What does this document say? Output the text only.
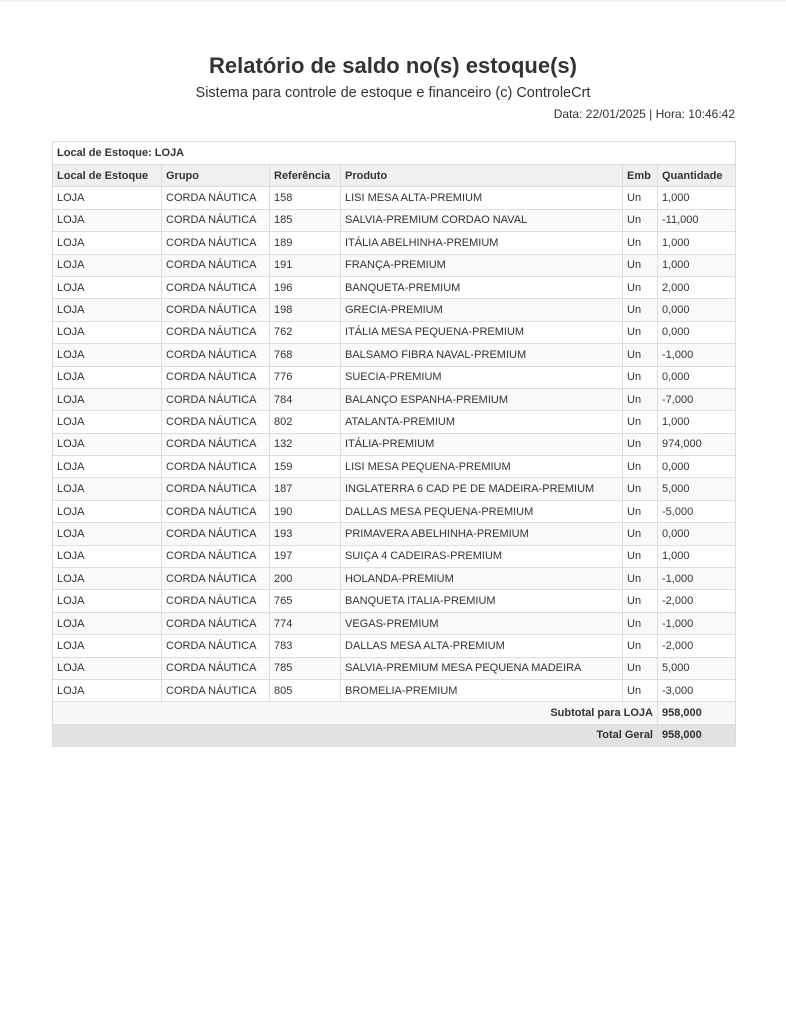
Relatório de saldo no(s) estoque(s)
Sistema para controle de estoque e financeiro (c) ControleCrt
Data: 22/01/2025 | Hora: 10:46:42
Local de Estoque: LOJA					
Local de Estoque	Grupo	Referência	Produto	Emb	Quantidade
LOJA	CORDA NÁUTICA	158	LISI MESA ALTA-PREMIUM	Un	1,000
LOJA	CORDA NÁUTICA	185	SALVIA-PREMIUM CORDAO NAVAL	Un	-11,000
LOJA	CORDA NÁUTICA	189	ITÁLIA ABELHINHA-PREMIUM	Un	1,000
LOJA	CORDA NÁUTICA	191	FRANÇA-PREMIUM	Un	1,000
LOJA	CORDA NÁUTICA	196	BANQUETA-PREMIUM	Un	2,000
LOJA	CORDA NÁUTICA	198	GRECIA-PREMIUM	Un	0,000
LOJA	CORDA NÁUTICA	762	ITÁLIA MESA PEQUENA-PREMIUM	Un	0,000
LOJA	CORDA NÁUTICA	768	BALSAMO FIBRA NAVAL-PREMIUM	Un	-1,000
LOJA	CORDA NÁUTICA	776	SUECIA-PREMIUM	Un	0,000
LOJA	CORDA NÁUTICA	784	BALANÇO ESPANHA-PREMIUM	Un	-7,000
LOJA	CORDA NÁUTICA	802	ATALANTA-PREMIUM	Un	1,000
LOJA	CORDA NÁUTICA	132	ITÁLIA-PREMIUM	Un	974,000
LOJA	CORDA NÁUTICA	159	LISI MESA PEQUENA-PREMIUM	Un	0,000
LOJA	CORDA NÁUTICA	187	INGLATERRA 6 CAD PE DE MADEIRA-PREMIUM	Un	5,000
LOJA	CORDA NÁUTICA	190	DALLAS MESA PEQUENA-PREMIUM	Un	-5,000
LOJA	CORDA NÁUTICA	193	PRIMAVERA ABELHINHA-PREMIUM	Un	0,000
LOJA	CORDA NÁUTICA	197	SUIÇA 4 CADEIRAS-PREMIUM	Un	1,000
LOJA	CORDA NÁUTICA	200	HOLANDA-PREMIUM	Un	-1,000
LOJA	CORDA NÁUTICA	765	BANQUETA ITALIA-PREMIUM	Un	-2,000
LOJA	CORDA NÁUTICA	774	VEGAS-PREMIUM	Un	-1,000
LOJA	CORDA NÁUTICA	783	DALLAS MESA ALTA-PREMIUM	Un	-2,000
LOJA	CORDA NÁUTICA	785	SALVIA-PREMIUM MESA PEQUENA MADEIRA	Un	5,000
LOJA	CORDA NÁUTICA	805	BROMELIA-PREMIUM	Un	-3,000
Subtotal para LOJA					958,000
Total Geral					958,000
